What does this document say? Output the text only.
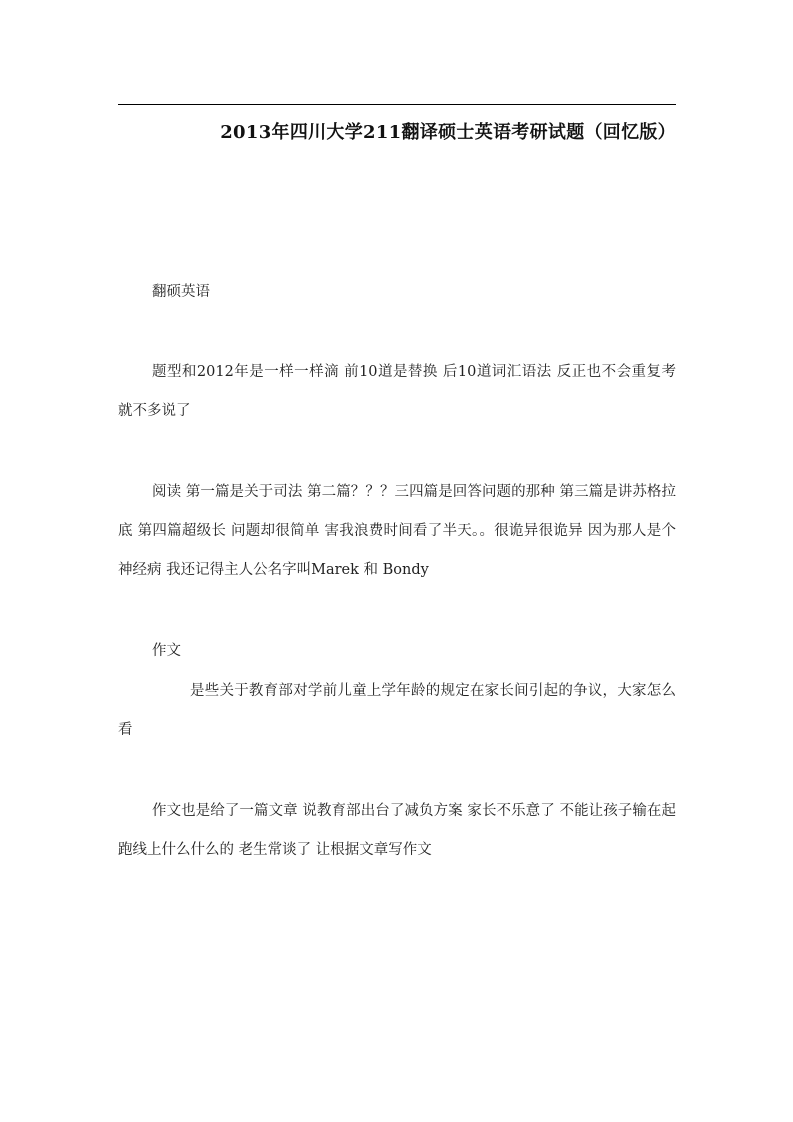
2013年四川大学211翻译硕士英语考研试题（回忆版）
翻硕英语
题型和2012年是一样一样滴 前10道是替换 后10道词汇语法 反正也不会重复考 就不多说了
阅读 第一篇是关于司法 第二篇？？？三四篇是回答问题的那种 第三篇是讲苏格拉底 第四篇超级长 问题却很简单 害我浪费时间看了半天。。很诡异很诡异 因为那人是个神经病 我还记得主人公名字叫Marek 和 Bondy
作文
是些关于教育部对学前儿童上学年龄的规定在家长间引起的争议，大家怎么看
作文也是给了一篇文章 说教育部出台了减负方案 家长不乐意了 不能让孩子输在起跑线上什么什么的 老生常谈了 让根据文章写作文
